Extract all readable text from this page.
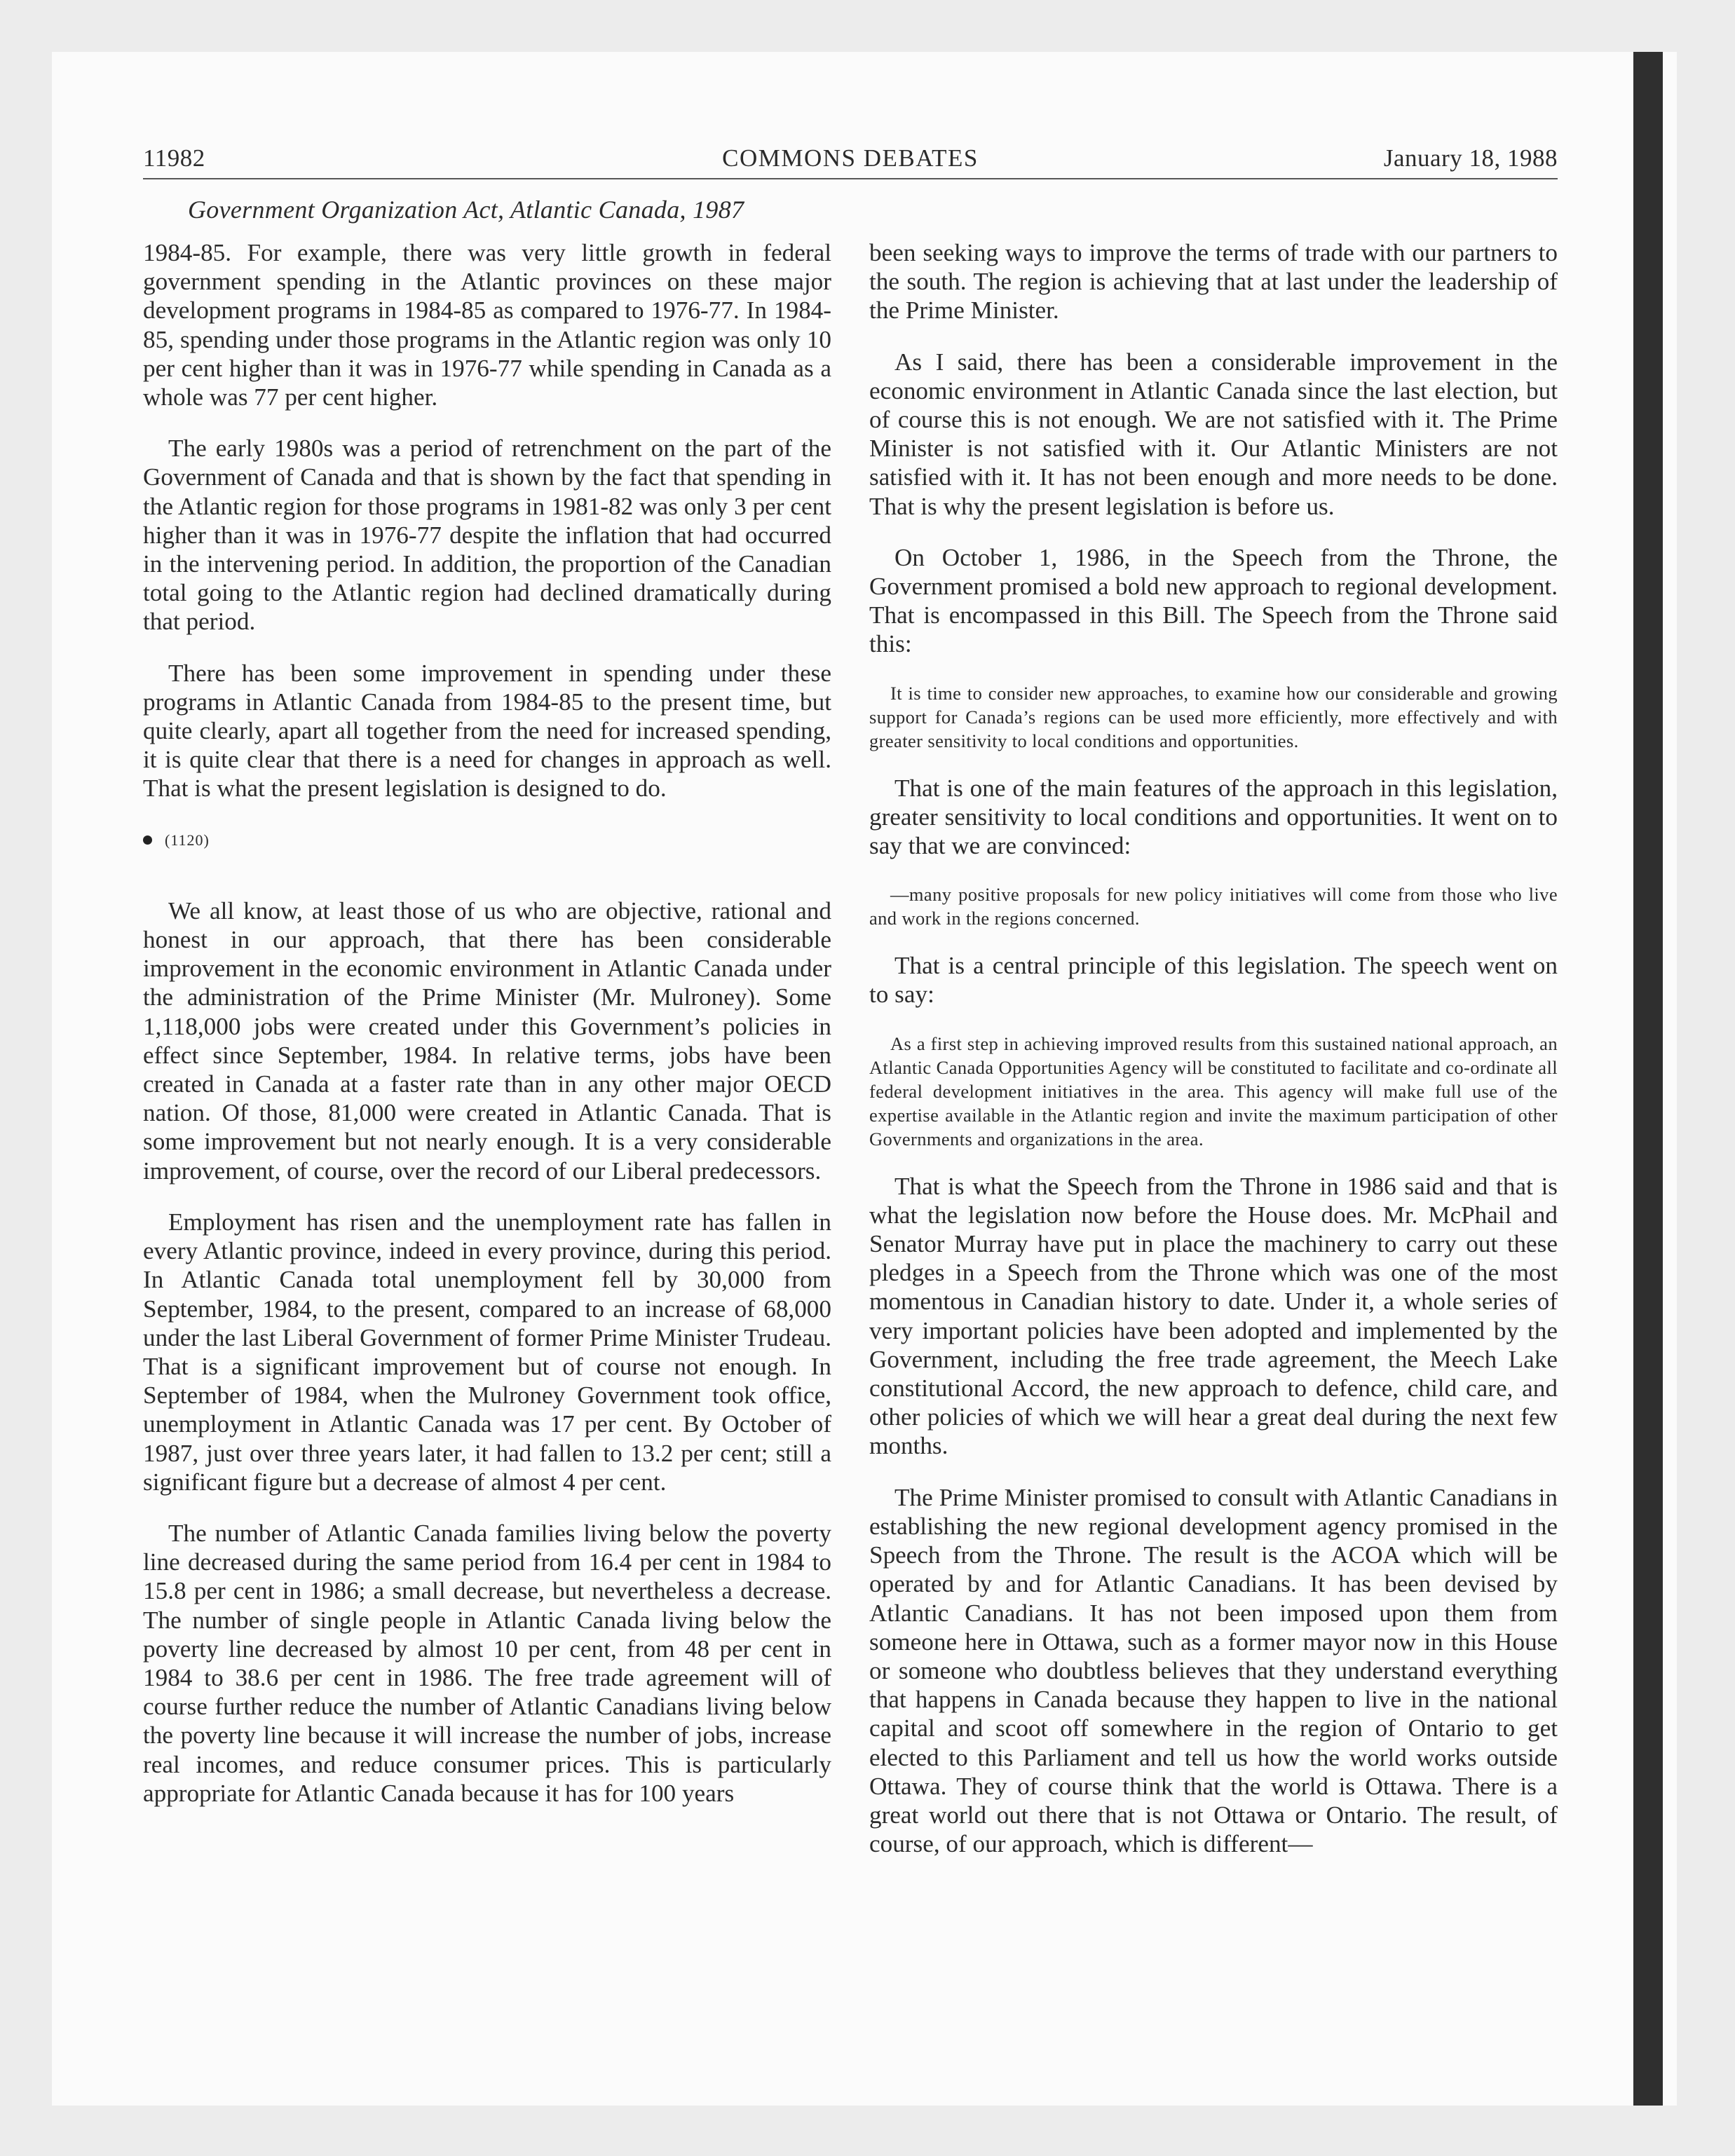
11982	COMMONS DEBATES	January 18, 1988
Government Organization Act, Atlantic Canada, 1987

1984-85. For example, there was very little growth in federal government spending in the Atlantic provinces on these major development programs in 1984-85 as compared to 1976-77. In 1984-85, spending under those programs in the Atlantic region was only 10 per cent higher than it was in 1976-77 while spending in Canada as a whole was 77 per cent higher.

The early 1980s was a period of retrenchment on the part of the Government of Canada and that is shown by the fact that spending in the Atlantic region for those programs in 1981-82 was only 3 per cent higher than it was in 1976-77 despite the inflation that had occurred in the intervening period. In addition, the proportion of the Canadian total going to the Atlantic region had declined dramatically during that period.

There has been some improvement in spending under these programs in Atlantic Canada from 1984-85 to the present time, but quite clearly, apart all together from the need for increased spending, it is quite clear that there is a need for changes in approach as well. That is what the present legislation is designed to do.

(1120)

We all know, at least those of us who are objective, rational and honest in our approach, that there has been considerable improvement in the economic environment in Atlantic Canada under the administration of the Prime Minister (Mr. Mulroney). Some 1,118,000 jobs were created under this Government’s policies in effect since September, 1984. In relative terms, jobs have been created in Canada at a faster rate than in any other major OECD nation. Of those, 81,000 were created in Atlantic Canada. That is some improvement but not nearly enough. It is a very considerable improvement, of course, over the record of our Liberal predecessors.

Employment has risen and the unemployment rate has fallen in every Atlantic province, indeed in every province, during this period. In Atlantic Canada total unemployment fell by 30,000 from September, 1984, to the present, compared to an increase of 68,000 under the last Liberal Government of former Prime Minister Trudeau. That is a significant improvement but of course not enough. In September of 1984, when the Mulroney Government took office, unemployment in Atlantic Canada was 17 per cent. By October of 1987, just over three years later, it had fallen to 13.2 per cent; still a significant figure but a decrease of almost 4 per cent.

The number of Atlantic Canada families living below the poverty line decreased during the same period from 16.4 per cent in 1984 to 15.8 per cent in 1986; a small decrease, but nevertheless a decrease. The number of single people in Atlantic Canada living below the poverty line decreased by almost 10 per cent, from 48 per cent in 1984 to 38.6 per cent in 1986. The free trade agreement will of course further reduce the number of Atlantic Canadians living below the poverty line because it will increase the number of jobs, increase real incomes, and reduce consumer prices. This is particularly appropriate for Atlantic Canada because it has for 100 years

been seeking ways to improve the terms of trade with our partners to the south. The region is achieving that at last under the leadership of the Prime Minister.

As I said, there has been a considerable improvement in the economic environment in Atlantic Canada since the last election, but of course this is not enough. We are not satisfied with it. The Prime Minister is not satisfied with it. Our Atlantic Ministers are not satisfied with it. It has not been enough and more needs to be done. That is why the present legislation is before us.

On October 1, 1986, in the Speech from the Throne, the Government promised a bold new approach to regional development. That is encompassed in this Bill. The Speech from the Throne said this:

It is time to consider new approaches, to examine how our considerable and growing support for Canada’s regions can be used more efficiently, more effectively and with greater sensitivity to local conditions and opportunities.

That is one of the main features of the approach in this legislation, greater sensitivity to local conditions and opportunities. It went on to say that we are convinced:

—many positive proposals for new policy initiatives will come from those who live and work in the regions concerned.

That is a central principle of this legislation. The speech went on to say:

As a first step in achieving improved results from this sustained national approach, an Atlantic Canada Opportunities Agency will be constituted to facilitate and co-ordinate all federal development initiatives in the area. This agency will make full use of the expertise available in the Atlantic region and invite the maximum participation of other Governments and organizations in the area.

That is what the Speech from the Throne in 1986 said and that is what the legislation now before the House does. Mr. McPhail and Senator Murray have put in place the machinery to carry out these pledges in a Speech from the Throne which was one of the most momentous in Canadian history to date. Under it, a whole series of very important policies have been adopted and implemented by the Government, including the free trade agreement, the Meech Lake constitutional Accord, the new approach to defence, child care, and other policies of which we will hear a great deal during the next few months.

The Prime Minister promised to consult with Atlantic Canadians in establishing the new regional development agency promised in the Speech from the Throne. The result is the ACOA which will be operated by and for Atlantic Canadians. It has been devised by Atlantic Canadians. It has not been imposed upon them from someone here in Ottawa, such as a former mayor now in this House or someone who doubtless believes that they understand everything that happens in Canada because they happen to live in the national capital and scoot off somewhere in the region of Ontario to get elected to this Parliament and tell us how the world works outside Ottawa. They of course think that the world is Ottawa. There is a great world out there that is not Ottawa or Ontario. The result, of course, of our approach, which is different—
